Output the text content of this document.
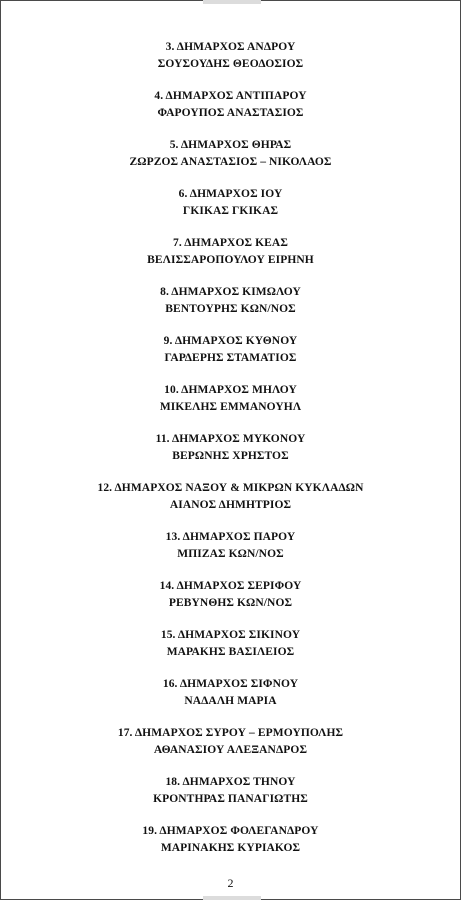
3. ΔΗΜΑΡΧΟΣ ΑΝΔΡΟΥ
ΣΟΥΣΟΥΔΗΣ ΘΕΟΔΟΣΙΟΣ
4. ΔΗΜΑΡΧΟΣ ΑΝΤΙΠΑΡΟΥ
ΦΑΡΟΥΠΟΣ ΑΝΑΣΤΑΣΙΟΣ
5. ΔΗΜΑΡΧΟΣ ΘΗΡΑΣ
ΖΩΡΖΟΣ ΑΝΑΣΤΑΣΙΟΣ – ΝΙΚΟΛΑΟΣ
6. ΔΗΜΑΡΧΟΣ ΙΟΥ
ΓΚΙΚΑΣ ΓΚΙΚΑΣ
7. ΔΗΜΑΡΧΟΣ ΚΕΑΣ
ΒΕΛΙΣΣΑΡΟΠΟΥΛΟΥ ΕΙΡΗΝΗ
8. ΔΗΜΑΡΧΟΣ ΚΙΜΩΛΟΥ
ΒΕΝΤΟΥΡΗΣ ΚΩΝ/ΝΟΣ
9. ΔΗΜΑΡΧΟΣ ΚΥΘΝΟΥ
ΓΑΡΔΕΡΗΣ ΣΤΑΜΑΤΙΟΣ
10. ΔΗΜΑΡΧΟΣ ΜΗΛΟΥ
ΜΙΚΕΛΗΣ ΕΜΜΑΝΟΥΗΛ
11. ΔΗΜΑΡΧΟΣ ΜΥΚΟΝΟΥ
ΒΕΡΩΝΗΣ ΧΡΗΣΤΟΣ
12. ΔΗΜΑΡΧΟΣ ΝΑΞΟΥ & ΜΙΚΡΩΝ ΚΥΚΛΑΔΩΝ
ΑΙΑΝΟΣ ΔΗΜΗΤΡΙΟΣ
13. ΔΗΜΑΡΧΟΣ ΠΑΡΟΥ
ΜΠΙΖΑΣ ΚΩΝ/ΝΟΣ
14. ΔΗΜΑΡΧΟΣ ΣΕΡΙΦΟΥ
ΡΕΒΥΝΘΗΣ ΚΩΝ/ΝΟΣ
15. ΔΗΜΑΡΧΟΣ ΣΙΚΙΝΟΥ
ΜΑΡΑΚΗΣ ΒΑΣΙΛΕΙΟΣ
16. ΔΗΜΑΡΧΟΣ ΣΙΦΝΟΥ
ΝΑΔΑΛΗ ΜΑΡΙΑ
17. ΔΗΜΑΡΧΟΣ ΣΥΡΟΥ – ΕΡΜΟΥΠΟΛΗΣ
ΑΘΑΝΑΣΙΟΥ ΑΛΕΞΑΝΔΡΟΣ
18. ΔΗΜΑΡΧΟΣ ΤΗΝΟΥ
ΚΡΟΝΤΗΡΑΣ ΠΑΝΑΓΙΩΤΗΣ
19. ΔΗΜΑΡΧΟΣ ΦΟΛΕΓΑΝΔΡΟΥ
ΜΑΡΙΝΑΚΗΣ ΚΥΡΙΑΚΟΣ
2
